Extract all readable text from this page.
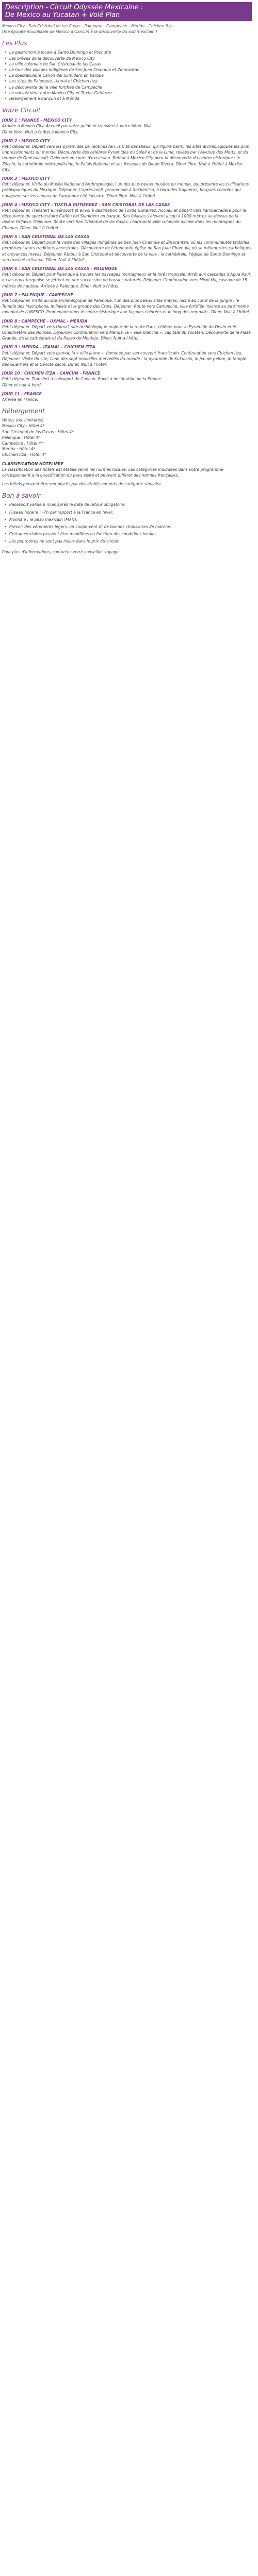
Description - Circuit Odyssée Mexicaine :
De Mexico au Yucatan + Volé Plan

Mexico City - San Cristobal de las Casas - Palenque - Campeche - Merida - Chichen Itza

Une épopée inoubliable de Mexico à Cancun à la découverte du sud mexicain !

Les Plus
• La gastronomie locale à Santo Domingo et Pochutla
• Les brèves de la découverte de Mexico City
• La ville coloniale de San Cristobal de las Casas
• Le tour des villages indigènes de San Juan Chamula et Zinacantan
• La spectaculaire Cañón del Sumidero en barque
• Les sites de Palenque, Uxmal et Chichen Itza
• La découverte de la ville fortifiée de Campeche
• Le vol intérieur entre Mexico City et Tuxtla Gutiérrez
• Hébergement à Cancun et à Mérida
Votre Circuit

JOUR 1 : FRANCE - MEXICO CITY

Arrivée à Mexico City. Accueil par votre guide et transfert à votre hôtel. Nuit.

Dîner libre. Nuit à l'hôtel à Mexico City.

JOUR 2 : MEXICO CITY

Petit déjeuner. Départ vers les pyramides de Teotihuacan, la Cité des Dieux, qui figure parmi les sites archéologiques les plus impressionnants du monde. Découverte des célèbres Pyramides du Soleil et de la Lune, reliées par l'Avenue des Morts, et du temple de Quetzalcoatl. Déjeuner en cours d'excursion. Retour à Mexico City pour la découverte du centre historique : le Zócalo, la cathédrale métropolitaine, le Palais National et ses fresques de Diego Rivera. Dîner libre. Nuit à l'hôtel à Mexico City.

JOUR 3 : MEXICO CITY

Petit déjeuner. Visite du Musée National d'Anthropologie, l'un des plus beaux musées du monde, qui présente les civilisations préhispaniques du Mexique. Déjeuner. L'après-midi, promenade à Xochimilco, à bord des trajineras, barques colorées qui naviguent sur les canaux de l'ancienne cité lacustre. Dîner libre. Nuit à l'hôtel.

JOUR 4 : MEXICO CITY - TUXTLA GUTIÉRREZ - SAN CRISTOBAL DE LAS CASAS

Petit déjeuner. Transfert à l'aéroport et envol à destination de Tuxtla Gutiérrez. Accueil et départ vers l'embarcadère pour la découverte du spectaculaire Cañón del Sumidero en barque. Ses falaises s'élèvent jusqu'à 1000 mètres au-dessus de la rivière Grijalva. Déjeuner. Route vers San Cristobal de las Casas, charmante ville coloniale nichée dans les montagnes du Chiapas. Dîner. Nuit à l'hôtel.

JOUR 5 : SAN CRISTOBAL DE LAS CASAS

Petit déjeuner. Départ pour la visite des villages indigènes de San Juan Chamula et Zinacantan, où les communautés tzotziles perpétuent leurs traditions ancestrales. Découverte de l'étonnante église de San Juan Chamula, où se mêlent rites catholiques et croyances mayas. Déjeuner. Retour à San Cristobal et découverte de la ville : la cathédrale, l'église de Santo Domingo et son marché artisanal. Dîner. Nuit à l'hôtel.

JOUR 6 : SAN CRISTOBAL DE LAS CASAS - PALENQUE

Petit déjeuner. Départ pour Palenque à travers les paysages montagneux et la forêt tropicale. Arrêt aux cascades d'Agua Azul, où les eaux turquoise se jettent en une succession de bassins naturels. Déjeuner. Continuation vers Misol-Ha, cascade de 35 mètres de hauteur. Arrivée à Palenque. Dîner. Nuit à l'hôtel.

JOUR 7 : PALENQUE - CAMPECHE

Petit déjeuner. Visite du site archéologique de Palenque, l'un des plus beaux sites mayas, niché au cœur de la jungle : le Temple des Inscriptions, le Palais et le groupe des Croix. Déjeuner. Route vers Campeche, ville fortifiée inscrite au patrimoine mondial de l'UNESCO. Promenade dans le centre historique aux façades colorées et le long des remparts. Dîner. Nuit à l'hôtel.

JOUR 8 : CAMPECHE - UXMAL - MERIDA

Petit déjeuner. Départ vers Uxmal, site archéologique majeur de la route Puuc, célèbre pour la Pyramide du Devin et le Quadrilatère des Nonnes. Déjeuner. Continuation vers Mérida, la « ville blanche », capitale du Yucatán. Découverte de la Plaza Grande, de la cathédrale et du Paseo de Montejo. Dîner. Nuit à l'hôtel.

JOUR 9 : MERIDA - IZAMAL - CHICHEN ITZA

Petit déjeuner. Départ vers Izamal, la « ville jaune », dominée par son couvent franciscain. Continuation vers Chichen Itza. Déjeuner. Visite du site, l'une des sept nouvelles merveilles du monde : la pyramide de Kukulcán, le jeu de pelote, le temple des Guerriers et le Cénote sacré. Dîner. Nuit à l'hôtel.

JOUR 10 : CHICHEN ITZA - CANCUN - FRANCE

Petit déjeuner. Transfert à l'aéroport de Cancun. Envol à destination de la France.

Dîner et nuit à bord.

JOUR 11 : FRANCE

Arrivée en France.

Hébergement

Hôtels (ou similaires)

Mexico City : Hôtel 4*

San Cristobal de las Casas : Hôtel 4*

Palenque : Hôtel 4*

Campeche : Hôtel 4*

Mérida : Hôtel 4*

Chichen Itza : Hôtel 4*

CLASSIFICATION HÔTELIÈRE

La classification des hôtels est établie selon les normes locales. Les catégories indiquées dans votre programme correspondent à la classification du pays visité et peuvent différer des normes françaises.

Les hôtels peuvent être remplacés par des établissements de catégorie similaire.

Bon à savoir
• Passeport valide 6 mois après la date de retour obligatoire.
• Fuseau horaire : -7h par rapport à la France en hiver.
• Monnaie : le peso mexicain (MXN).
• Prévoir des vêtements légers, un coupe-vent et de bonnes chaussures de marche.
• Certaines visites peuvent être modifiées en fonction des conditions locales.
• Les pourboires ne sont pas inclus dans le prix du circuit.

Pour plus d'informations, contactez votre conseiller voyage.
